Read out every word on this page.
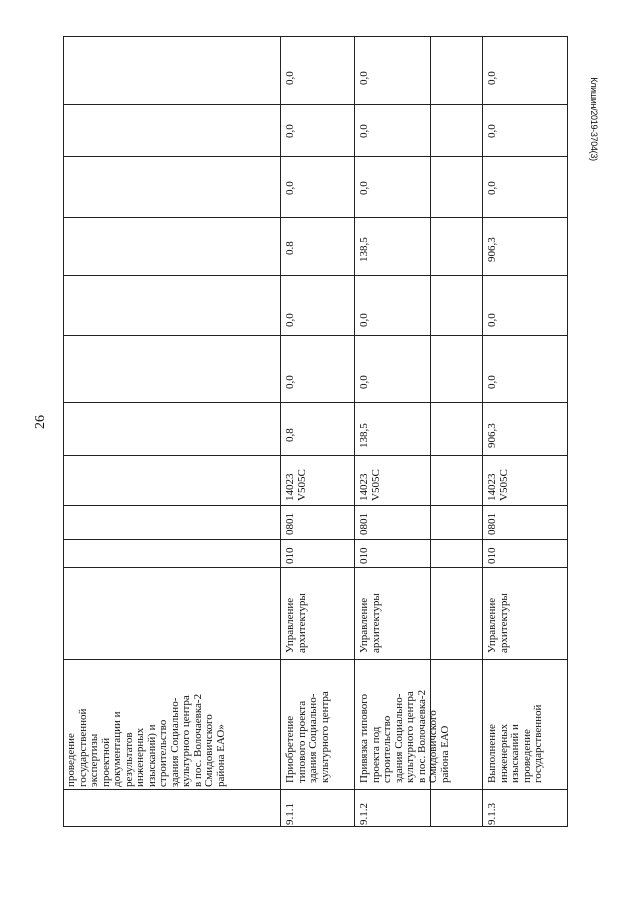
26
Клишин/2019-3704(3)
проведение государственной экспертизы проектной документации и результатов инженерных изысканий) и строительство здания Социально- культурного центра в пос. Волочаевка-2 Смидовичского района ЕАО»
9.1.1
Приобретение типового проекта здания Социально- культурного центра
Управление архитектуры
010
0801
14023 V505C
0,8
0,0
0,0
0.8
0,0
0,0
0,0
9.1.2
Привязка типового проекта под строительство здания Социально- культурного центра в пос. Волочаевка-2 Смидовичского района ЕАО
Управление архитектуры
010
0801
14023 V505C
138,5
0,0
0,0
138,5
0,0
0,0
0,0
9.1.3
Выполнение инженерных изысканий и проведение государственной
Управление архитектуры
010
0801
14023 V505C
906,3
0,0
0,0
906,3
0,0
0,0
0,0
